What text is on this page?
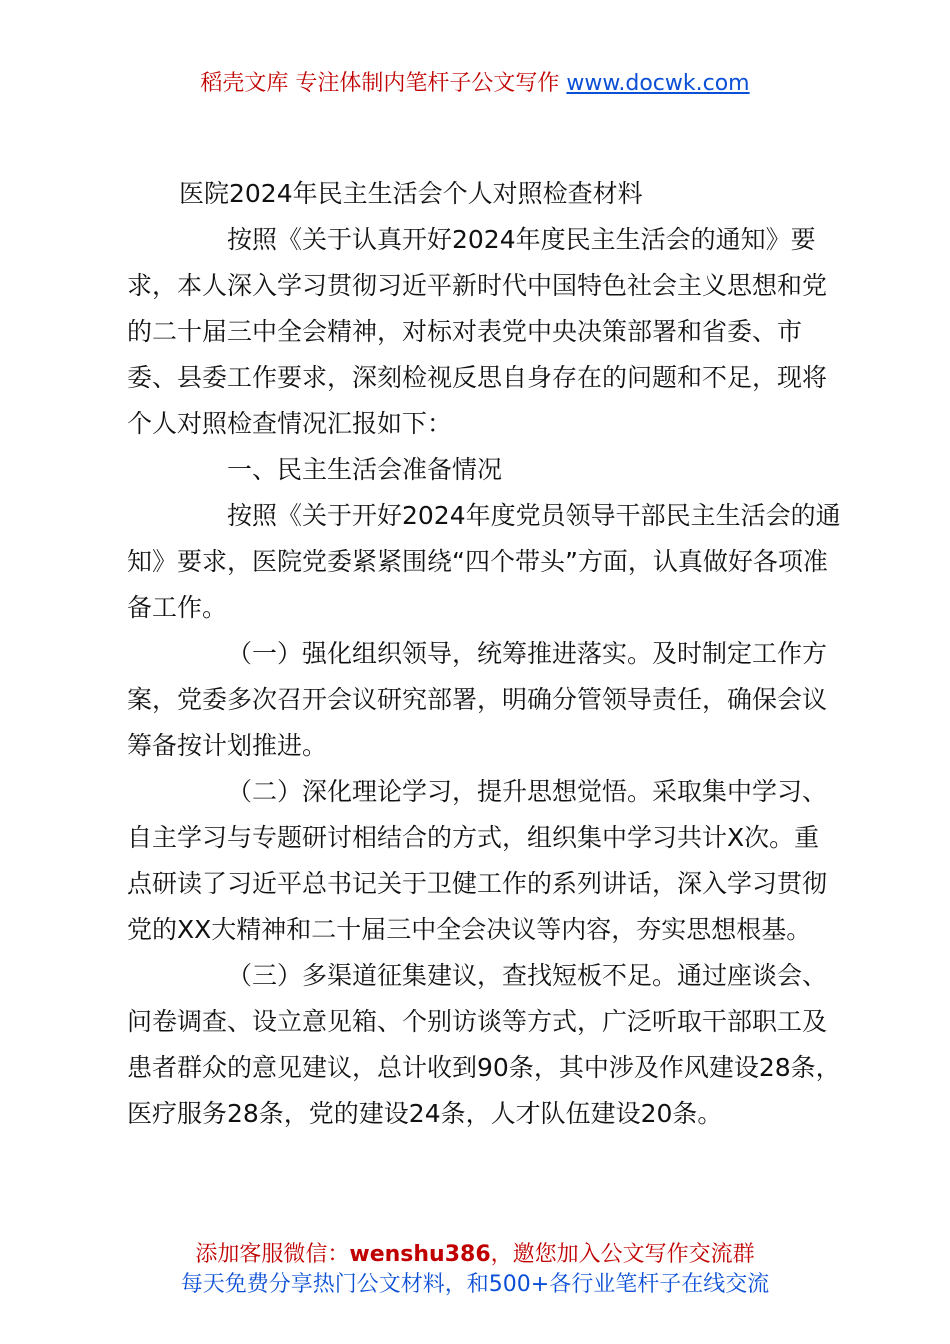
稻壳文库 专注体制内笔杆子公文写作 www.docwk.com

医院2024年民主生活会个人对照检查材料

按照《关于认真开好2024年度民主生活会的通知》要求，本人深入学习贯彻习近平新时代中国特色社会主义思想和党的二十届三中全会精神，对标对表党中央决策部署和省委、市委、县委工作要求，深刻检视反思自身存在的问题和不足，现将个人对照检查情况汇报如下：

一、民主生活会准备情况

按照《关于开好2024年度党员领导干部民主生活会的通知》要求，医院党委紧紧围绕“四个带头”方面，认真做好各项准备工作。

（一）强化组织领导，统筹推进落实。及时制定工作方案，党委多次召开会议研究部署，明确分管领导责任，确保会议筹备按计划推进。

（二）深化理论学习，提升思想觉悟。采取集中学习、自主学习与专题研讨相结合的方式，组织集中学习共计X次。重点研读了习近平总书记关于卫健工作的系列讲话，深入学习贯彻党的XX大精神和二十届三中全会决议等内容，夯实思想根基。

（三）多渠道征集建议，查找短板不足。通过座谈会、问卷调查、设立意见箱、个别访谈等方式，广泛听取干部职工及患者群众的意见建议，总计收到90条，其中涉及作风建设28条，医疗服务28条，党的建设24条，人才队伍建设20条。

添加客服微信：wenshu386，邀您加入公文写作交流群
每天免费分享热门公文材料，和500+各行业笔杆子在线交流
